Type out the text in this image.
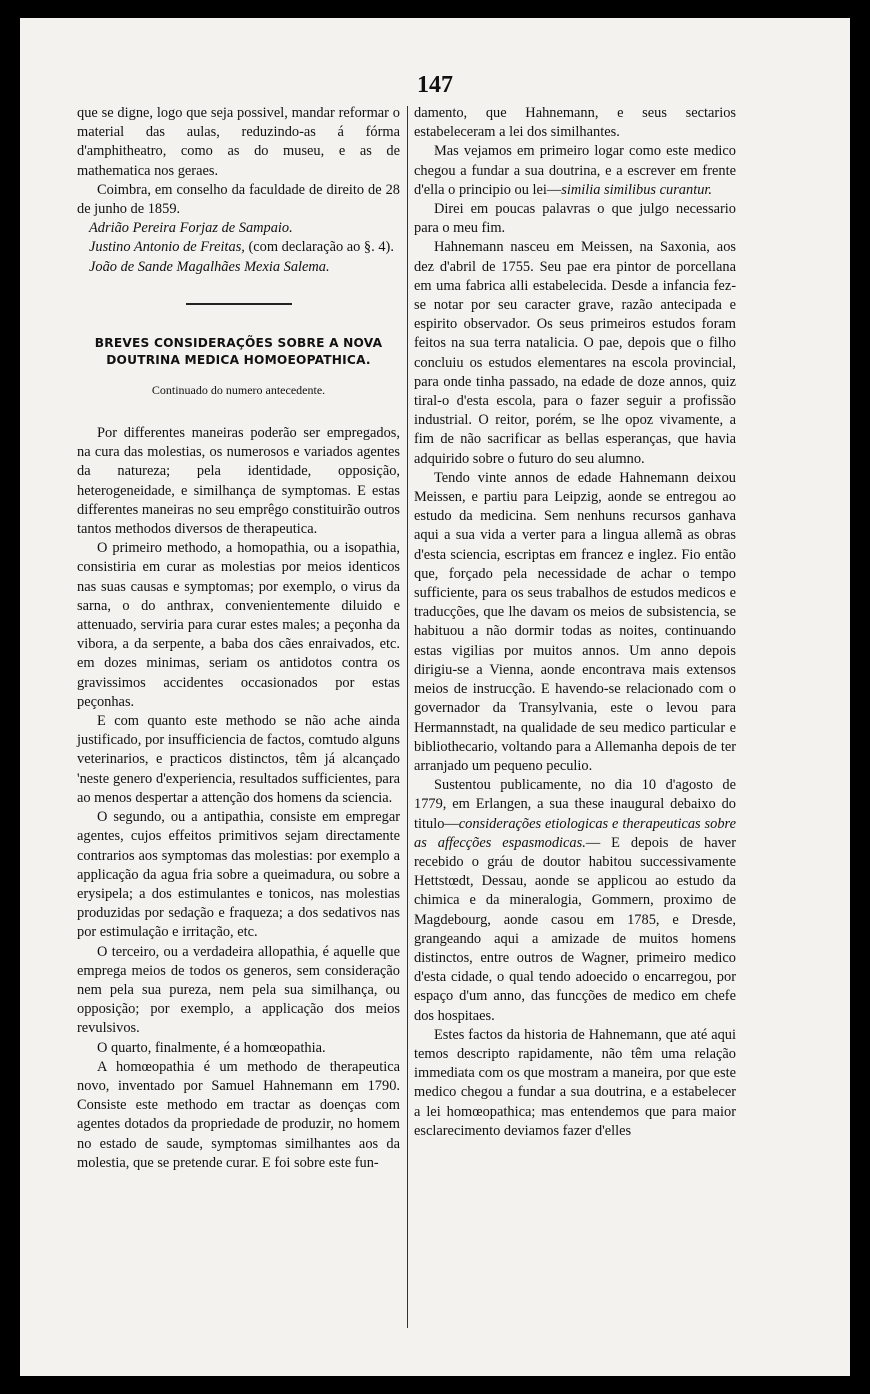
147

que se digne, logo que seja possivel, mandar reformar o material das aulas, reduzindo-as á fórma d'amphitheatro, como as do museu, e as de mathematica nos geraes.

Coimbra, em conselho da faculdade de direito de 28 de junho de 1859.

Adrião Pereira Forjaz de Sampaio.

Justino Antonio de Freitas, (com declaração ao §. 4).

João de Sande Magalhães Mexia Salema.

BREVES CONSIDERAÇÕES SOBRE A NOVA DOUTRINA MEDICA HOMOEOPATHICA.
Continuado do numero antecedente.

Por differentes maneiras poderão ser empregados, na cura das molestias, os numerosos e variados agentes da natureza; pela identidade, opposição, heterogeneidade, e similhança de symptomas. E estas differentes maneiras no seu emprêgo constituirão outros tantos methodos diversos de therapeutica.

O primeiro methodo, a homopathia, ou a isopathia, consistiria em curar as molestias por meios identicos nas suas causas e symptomas; por exemplo, o virus da sarna, o do anthrax, convenientemente diluido e attenuado, serviria para curar estes males; a peçonha da vibora, a da serpente, a baba dos cães enraivados, etc. em dozes minimas, seriam os antidotos contra os gravissimos accidentes occasionados por estas peçonhas.

E com quanto este methodo se não ache ainda justificado, por insufficiencia de factos, comtudo alguns veterinarios, e practicos distinctos, têm já alcançado 'neste genero d'experiencia, resultados sufficientes, para ao menos despertar a attenção dos homens da sciencia.

O segundo, ou a antipathia, consiste em empregar agentes, cujos effeitos primitivos sejam directamente contrarios aos symptomas das molestias: por exemplo a applicação da agua fria sobre a queimadura, ou sobre a erysipela; a dos estimulantes e tonicos, nas molestias produzidas por sedação e fraqueza; a dos sedativos nas por estimulação e irritação, etc.

O terceiro, ou a verdadeira allopathia, é aquelle que emprega meios de todos os generos, sem consideração nem pela sua pureza, nem pela sua similhança, ou opposição; por exemplo, a applicação dos meios revulsivos.

O quarto, finalmente, é a homœopathia.

A homœopathia é um methodo de therapeutica novo, inventado por Samuel Hahnemann em 1790. Consiste este methodo em tractar as doenças com agentes dotados da propriedade de produzir, no homem no estado de saude, symptomas similhantes aos da molestia, que se pretende curar. E foi sobre este fun-

damento, que Hahnemann, e seus sectarios estabeleceram a lei dos similhantes.

Mas vejamos em primeiro logar como este medico chegou a fundar a sua doutrina, e a escrever em frente d'ella o principio ou lei—similia similibus curantur.

Direi em poucas palavras o que julgo necessario para o meu fim.

Hahnemann nasceu em Meissen, na Saxonia, aos dez d'abril de 1755. Seu pae era pintor de porcellana em uma fabrica alli estabelecida. Desde a infancia fez-se notar por seu caracter grave, razão antecipada e espirito observador. Os seus primeiros estudos foram feitos na sua terra natalicia. O pae, depois que o filho concluiu os estudos elementares na escola provincial, para onde tinha passado, na edade de doze annos, quiz tiral-o d'esta escola, para o fazer seguir a profissão industrial. O reitor, porém, se lhe opoz vivamente, a fim de não sacrificar as bellas esperanças, que havia adquirido sobre o futuro do seu alumno.

Tendo vinte annos de edade Hahnemann deixou Meissen, e partiu para Leipzig, aonde se entregou ao estudo da medicina. Sem nenhuns recursos ganhava aqui a sua vida a verter para a lingua allemã as obras d'esta sciencia, escriptas em francez e inglez. Fio então que, forçado pela necessidade de achar o tempo sufficiente, para os seus trabalhos de estudos medicos e traducções, que lhe davam os meios de subsistencia, se habituou a não dormir todas as noites, continuando estas vigilias por muitos annos. Um anno depois dirigiu-se a Vienna, aonde encontrava mais extensos meios de instrucção. E havendo-se relacionado com o governador da Transylvania, este o levou para Hermannstadt, na qualidade de seu medico particular e bibliothecario, voltando para a Allemanha depois de ter arranjado um pequeno peculio.

Sustentou publicamente, no dia 10 d'agosto de 1779, em Erlangen, a sua these inaugural debaixo do titulo—considerações etiologicas e therapeuticas sobre as affecções espasmodicas.— E depois de haver recebido o gráu de doutor habitou successivamente Hettstœdt, Dessau, aonde se applicou ao estudo da chimica e da mineralogia, Gommern, proximo de Magdebourg, aonde casou em 1785, e Dresde, grangeando aqui a amizade de muitos homens distinctos, entre outros de Wagner, primeiro medico d'esta cidade, o qual tendo adoecido o encarregou, por espaço d'um anno, das funcções de medico em chefe dos hospitaes.

Estes factos da historia de Hahnemann, que até aqui temos descripto rapidamente, não têm uma relação immediata com os que mostram a maneira, por que este medico chegou a fundar a sua doutrina, e a estabelecer a lei homœopathica; mas entendemos que para maior esclarecimento deviamos fazer d'elles
